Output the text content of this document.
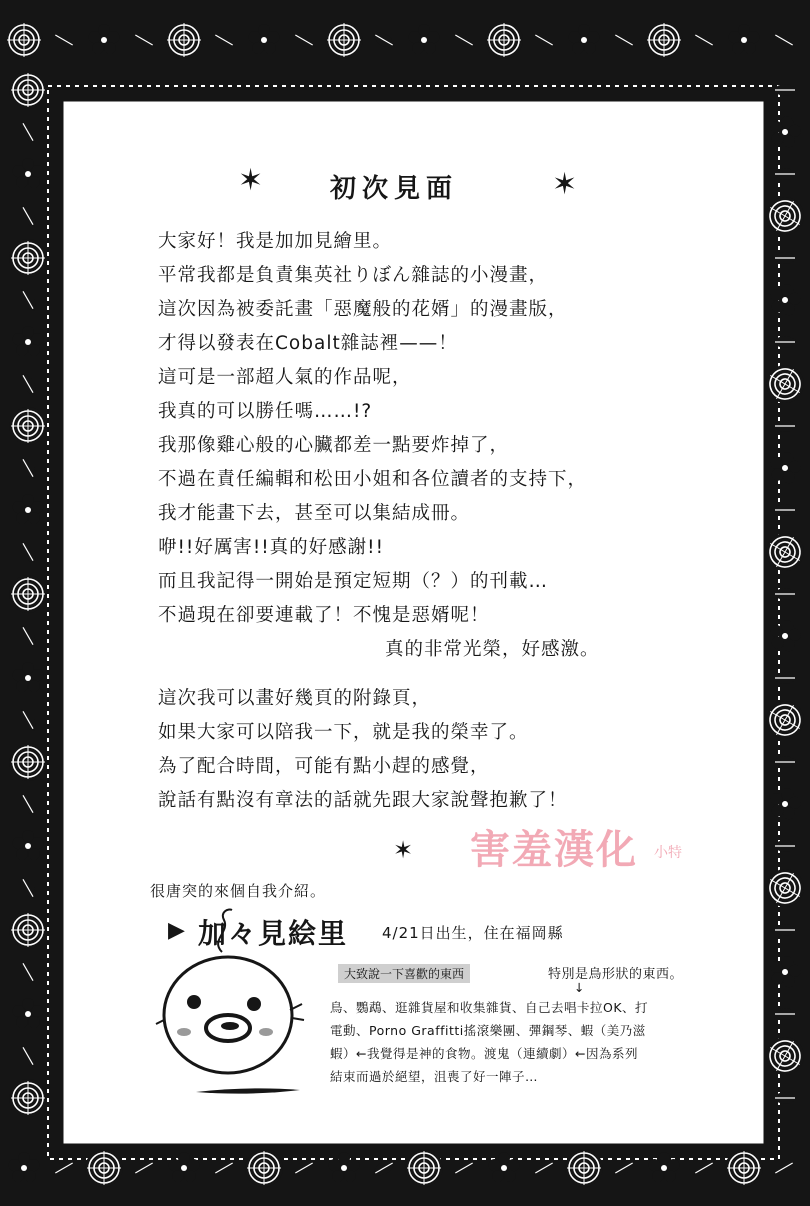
✶	初次見面	✶
大家好！我是加加見繪里。
平常我都是負責集英社りぼん雜誌的小漫畫，
這次因為被委託畫「惡魔般的花婿」的漫畫版，
才得以發表在Cobalt雜誌裡——！
這可是一部超人氣的作品呢，
我真的可以勝任嗎……!?
我那像雞心般的心臟都差一點要炸掉了，
不過在責任編輯和松田小姐和各位讀者的支持下，
我才能畫下去，甚至可以集結成冊。
咿!!好厲害!!真的好感謝!!
而且我記得一開始是預定短期（？）的刊載…
不過現在卻要連載了！不愧是惡婿呢！
真的非常光榮，好感激。
這次我可以畫好幾頁的附錄頁，
如果大家可以陪我一下，就是我的榮幸了。
為了配合時間，可能有點小趕的感覺，
說話有點沒有章法的話就先跟大家說聲抱歉了！
✶ 害羞漢化 小特
很唐突的來個自我介紹。
▶ 加々見絵里 4/21日出生，住在福岡縣
大致說一下喜歡的東西	特別是鳥形狀的東西。
↓
鳥、鸚鵡、逛雜貨屋和收集雜貨、自己去唱卡拉OK、打
電動、Porno Graffitti搖滾樂團、彈鋼琴、蝦（美乃滋
蝦）←我覺得是神的食物。渡鬼（連續劇）←因為系列
結束而過於絕望，沮喪了好一陣子…
